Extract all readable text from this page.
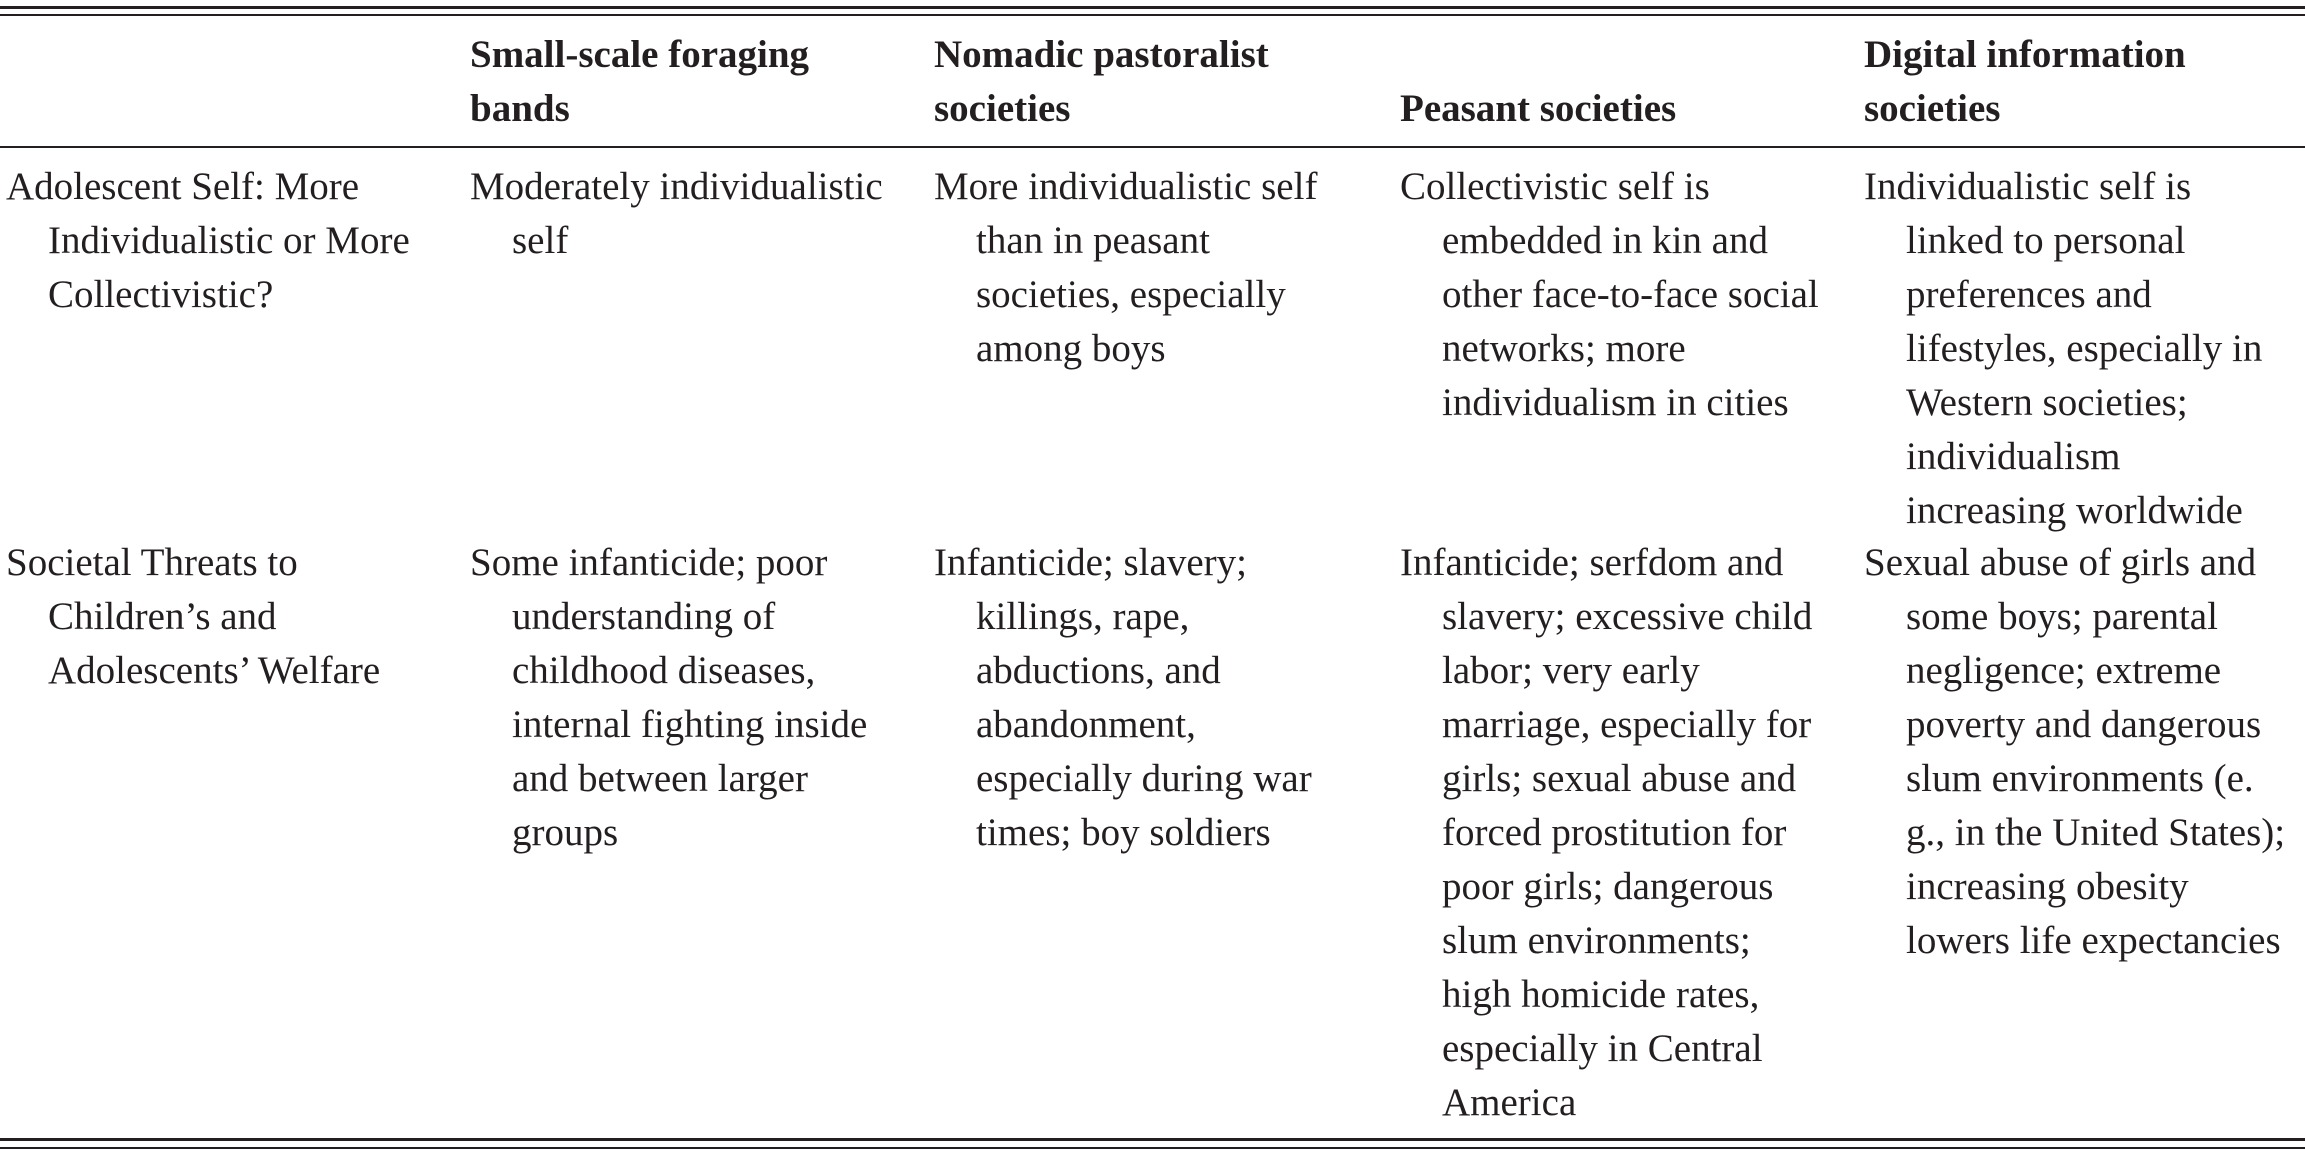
Small-scale foraging
bands
Nomadic pastoralist
societies
	Peasant societies
Digital information
societies
Adolescent Self: More
Individualistic or More
Collectivistic?
Moderately individualistic
self
More individualistic self
than in peasant
societies, especially
among boys
Collectivistic self is
embedded in kin and
other face-to-face social
networks; more
individualism in cities
Individualistic self is
linked to personal
preferences and
lifestyles, especially in
Western societies;
individualism
increasing worldwide
Societal Threats to
Children’s and
Adolescents’ Welfare
Some infanticide; poor
understanding of
childhood diseases,
internal fighting inside
and between larger
groups
Infanticide; slavery;
killings, rape,
abductions, and
abandonment,
especially during war
times; boy soldiers
Infanticide; serfdom and
slavery; excessive child
labor; very early
marriage, especially for
girls; sexual abuse and
forced prostitution for
poor girls; dangerous
slum environments;
high homicide rates,
especially in Central
America
Sexual abuse of girls and
some boys; parental
negligence; extreme
poverty and dangerous
slum environments (e.
g., in the United States);
increasing obesity
lowers life expectancies
